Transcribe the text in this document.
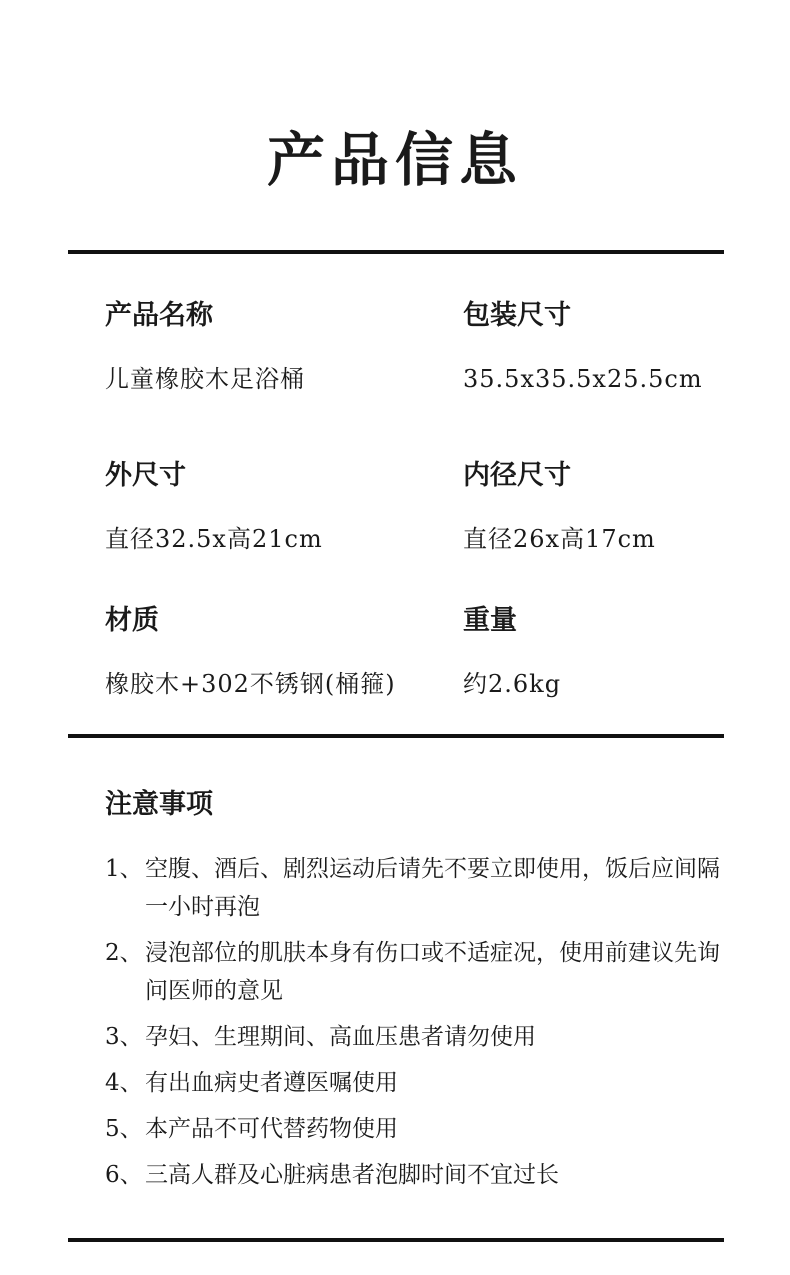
产品信息
产品名称
儿童橡胶木足浴桶
包装尺寸
35.5x35.5x25.5cm
外尺寸
直径32.5x高21cm
内径尺寸
直径26x高17cm
材质
橡胶木+302不锈钢(桶箍)
重量
约2.6kg
注意事项
1、 空腹、酒后、剧烈运动后请先不要立即使用，饭后应间隔一小时再泡
2、 浸泡部位的肌肤本身有伤口或不适症况，使用前建议先询问医师的意见
3、 孕妇、生理期间、高血压患者请勿使用
4、 有出血病史者遵医嘱使用
5、 本产品不可代替药物使用
6、 三高人群及心脏病患者泡脚时间不宜过长
